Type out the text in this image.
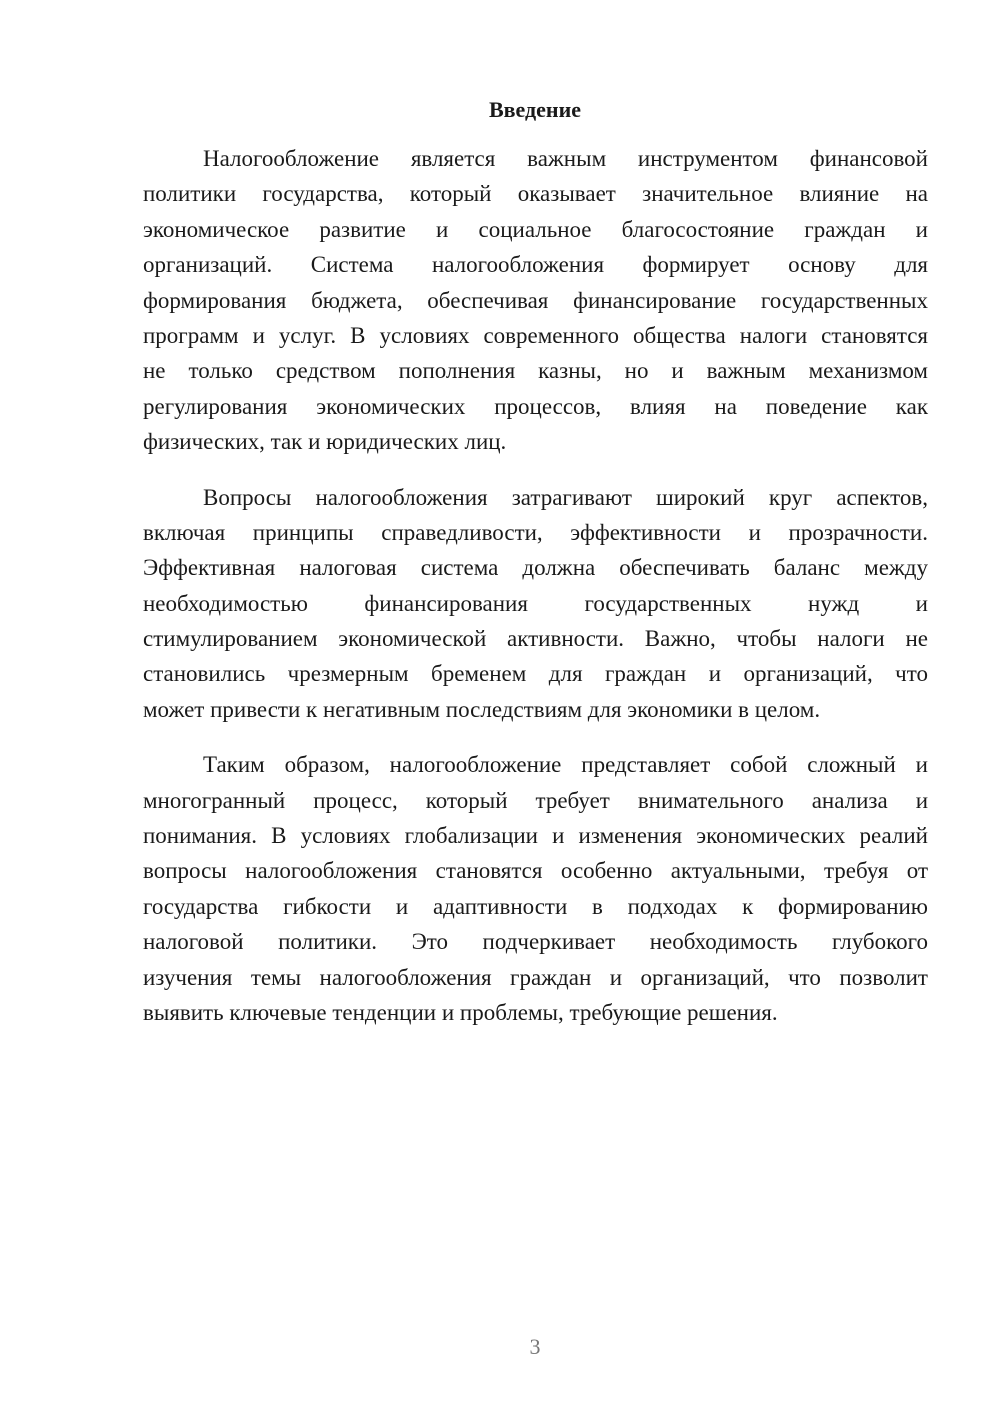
Введение
Налогообложение является важным инструментом финансовой
политики государства, который оказывает значительное влияние на
экономическое развитие и социальное благосостояние граждан и
организаций. Система налогообложения формирует основу для
формирования бюджета, обеспечивая финансирование государственных
программ и услуг. В условиях современного общества налоги становятся
не только средством пополнения казны, но и важным механизмом
регулирования экономических процессов, влияя на поведение как
физических, так и юридических лиц.
Вопросы налогообложения затрагивают широкий круг аспектов,
включая принципы справедливости, эффективности и прозрачности.
Эффективная налоговая система должна обеспечивать баланс между
необходимостью финансирования государственных нужд и
стимулированием экономической активности. Важно, чтобы налоги не
становились чрезмерным бременем для граждан и организаций, что
может привести к негативным последствиям для экономики в целом.
Таким образом, налогообложение представляет собой сложный и
многогранный процесс, который требует внимательного анализа и
понимания. В условиях глобализации и изменения экономических реалий
вопросы налогообложения становятся особенно актуальными, требуя от
государства гибкости и адаптивности в подходах к формированию
налоговой политики. Это подчеркивает необходимость глубокого
изучения темы налогообложения граждан и организаций, что позволит
выявить ключевые тенденции и проблемы, требующие решения.
3
